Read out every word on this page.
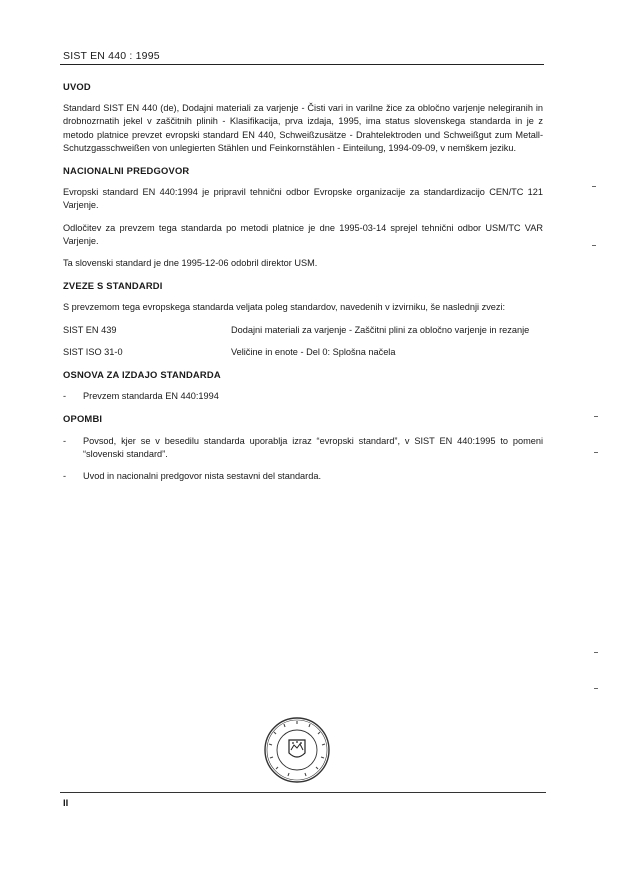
SIST EN 440 : 1995
UVOD

Standard SIST EN 440 (de), Dodajni materiali za varjenje - Čisti vari in varilne žice za obločno varjenje nelegiranih in drobnozrnatih jekel v zaščitnih plinih - Klasifikacija, prva izdaja, 1995, ima status slovenskega standarda in je z metodo platnice prevzet evropski standard EN 440, Schweißzusätze - Drahtelektroden und Schweißgut zum Metall-Schutzgasschweißen von unlegierten Stählen und Feinkornstählen - Einteilung, 1994-09-09, v nemškem jeziku.

NACIONALNI PREDGOVOR

Evropski standard EN 440:1994 je pripravil tehnični odbor Evropske organizacije za standardizacijo CEN/TC 121 Varjenje.

Odločitev za prevzem tega standarda po metodi platnice je dne 1995-03-14 sprejel tehnični odbor USM/TC VAR Varjenje.

Ta slovenski standard je dne 1995-12-06 odobril direktor USM.

ZVEZE S STANDARDI

S prevzemom tega evropskega standarda veljata poleg standardov, navedenih v izvirniku, še naslednji zvezi:

SIST EN 439	Dodajni materiali za varjenje - Zaščitni plini za obločno varjenje in rezanje
SIST ISO 31-0	Veličine in enote - Del 0: Splošna načela
OSNOVA ZA IZDAJO STANDARDA
-	Prevzem standarda EN 440:1994
OPOMBI
-	Povsod, kjer se v besedilu standarda uporablja izraz “evropski standard”, v SIST EN 440:1995 to pomeni “slovenski standard”.
-	Uvod in nacionalni predgovor nista sestavni del standarda.
II
